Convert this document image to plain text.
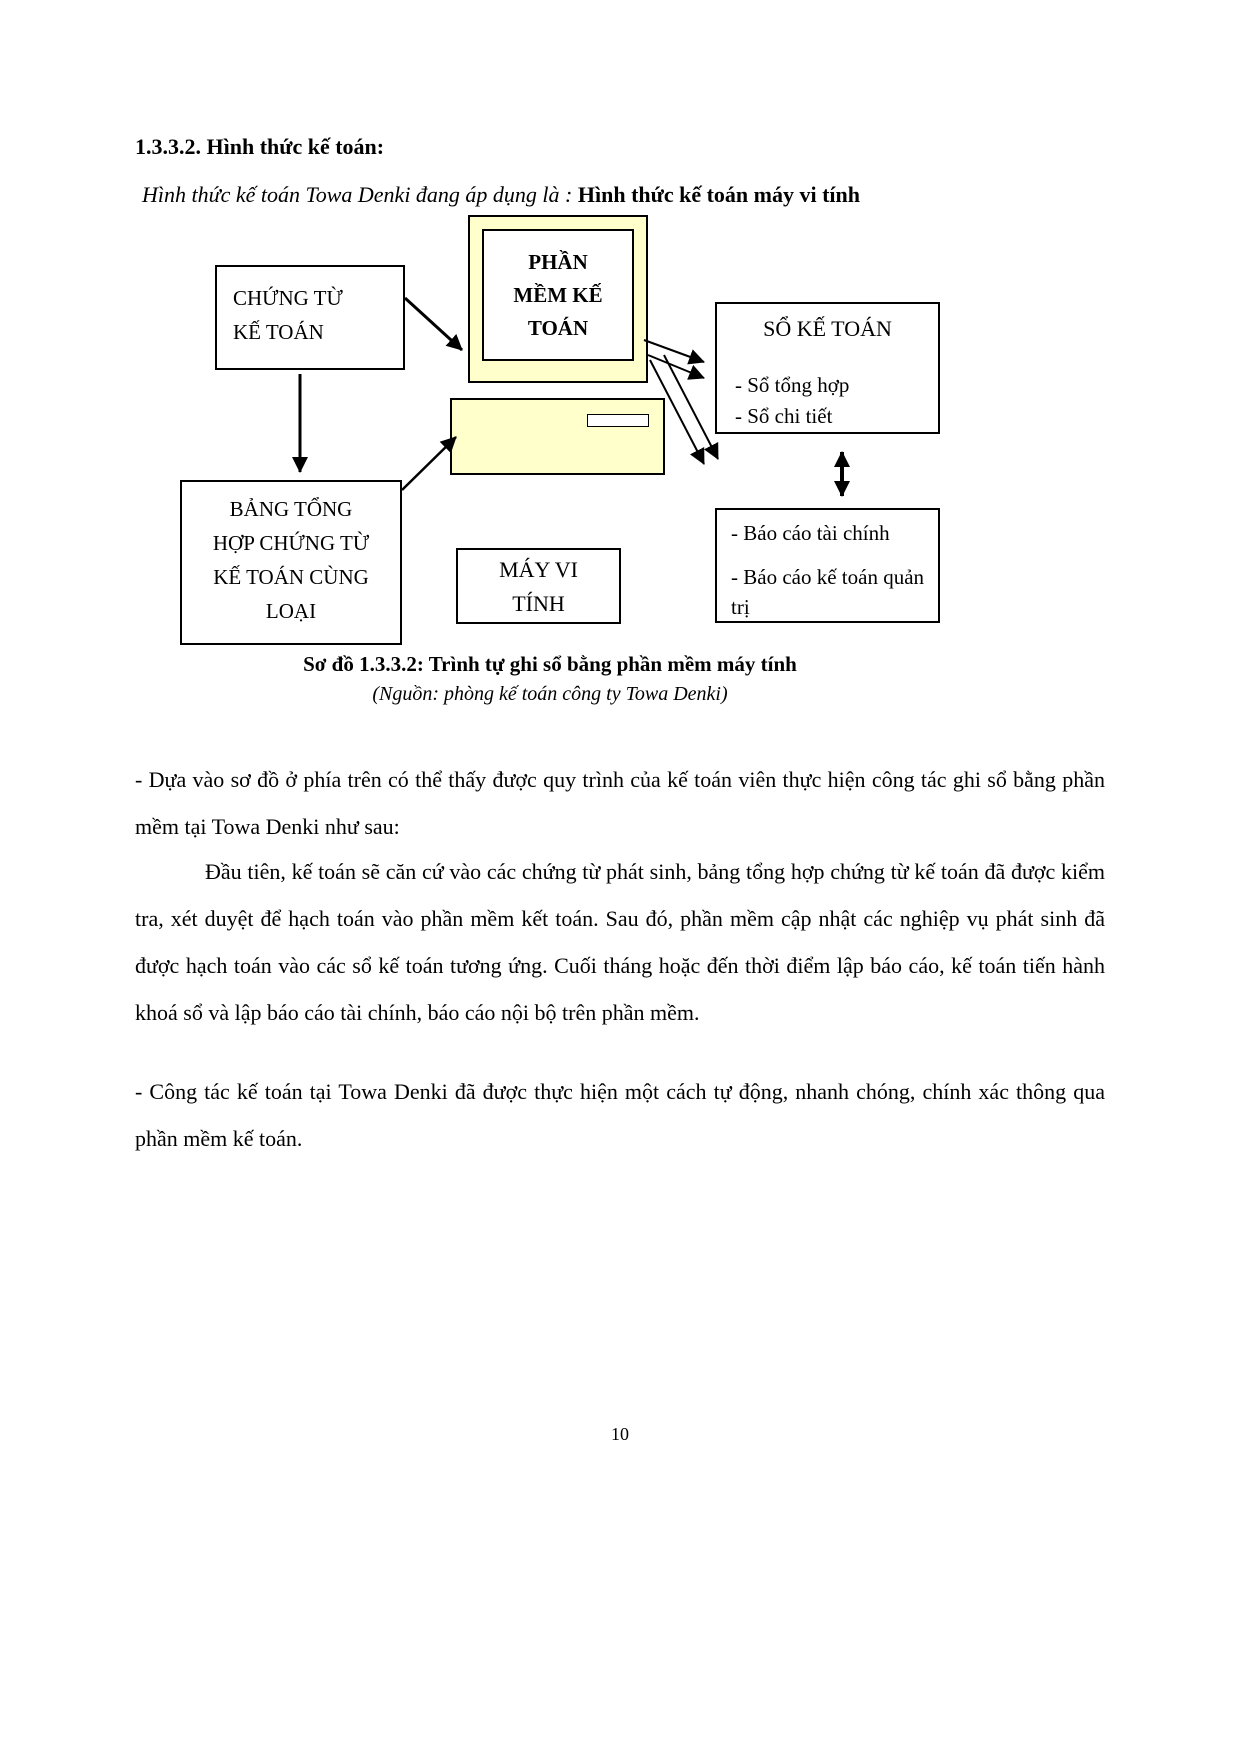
1.3.3.2. Hình thức kế toán:
Hình thức kế toán Towa Denki đang áp dụng là : Hình thức kế toán máy vi tính
CHỨNG TỪ
KẾ TOÁN
PHẦN
MỀM KẾ
TOÁN	SỔ KẾ TOÁN
- Sổ tổng hợp
- Sổ chi tiết
BẢNG TỔNG
HỢP CHỨNG TỪ
KẾ TOÁN CÙNG
LOẠI
MÁY VI
TÍNH
- Báo cáo tài chính
- Báo cáo kế toán quản trị
Sơ đồ 1.3.3.2: Trình tự ghi sổ bằng phần mềm máy tính
(Nguồn: phòng kế toán công ty Towa Denki)
- Dựa vào sơ đồ ở phía trên có thể thấy được quy trình của kế toán viên thực hiện công tác ghi sổ bằng phần mềm tại Towa Denki như sau:
Đầu tiên, kế toán sẽ căn cứ vào các chứng từ phát sinh, bảng tổng hợp chứng từ kế toán đã được kiểm tra, xét duyệt để hạch toán vào phần mềm kết toán. Sau đó, phần mềm cập nhật các nghiệp vụ phát sinh đã được hạch toán vào các sổ kế toán tương ứng. Cuối tháng hoặc đến thời điểm lập báo cáo, kế toán tiến hành khoá sổ và lập báo cáo tài chính, báo cáo nội bộ trên phần mềm.
- Công tác kế toán tại Towa Denki đã được thực hiện một cách tự động, nhanh chóng, chính xác thông qua phần mềm kế toán.
10
